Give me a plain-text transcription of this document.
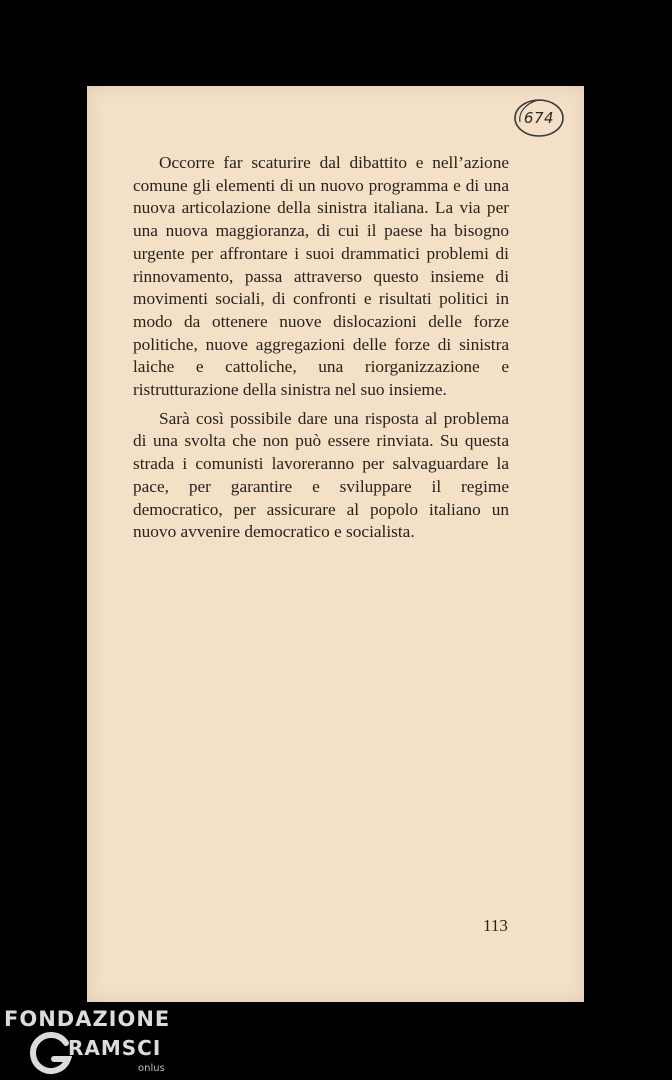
674

Occorre far scaturire dal dibattito e nell’azione comune gli elementi di un nuovo programma e di una nuova articolazione della sinistra italiana. La via per una nuova maggioranza, di cui il paese ha bisogno urgente per affrontare i suoi drammatici problemi di rinnovamento, passa attraverso questo insieme di movimenti sociali, di confronti e risultati politici in modo da ottenere nuove dislocazioni delle forze politiche, nuove aggregazioni delle forze di sinistra laiche e cattoliche, una riorganizzazione e ristrutturazione della sinistra nel suo insieme.

Sarà così possibile dare una risposta al problema di una svolta che non può essere rinviata. Su questa strada i comunisti lavoreranno per salvaguardare la pace, per garantire e sviluppare il regime democratico, per assicurare al popolo italiano un nuovo avvenire democratico e socialista.

113
FONDAZIONE
RAMSCI
onlus
